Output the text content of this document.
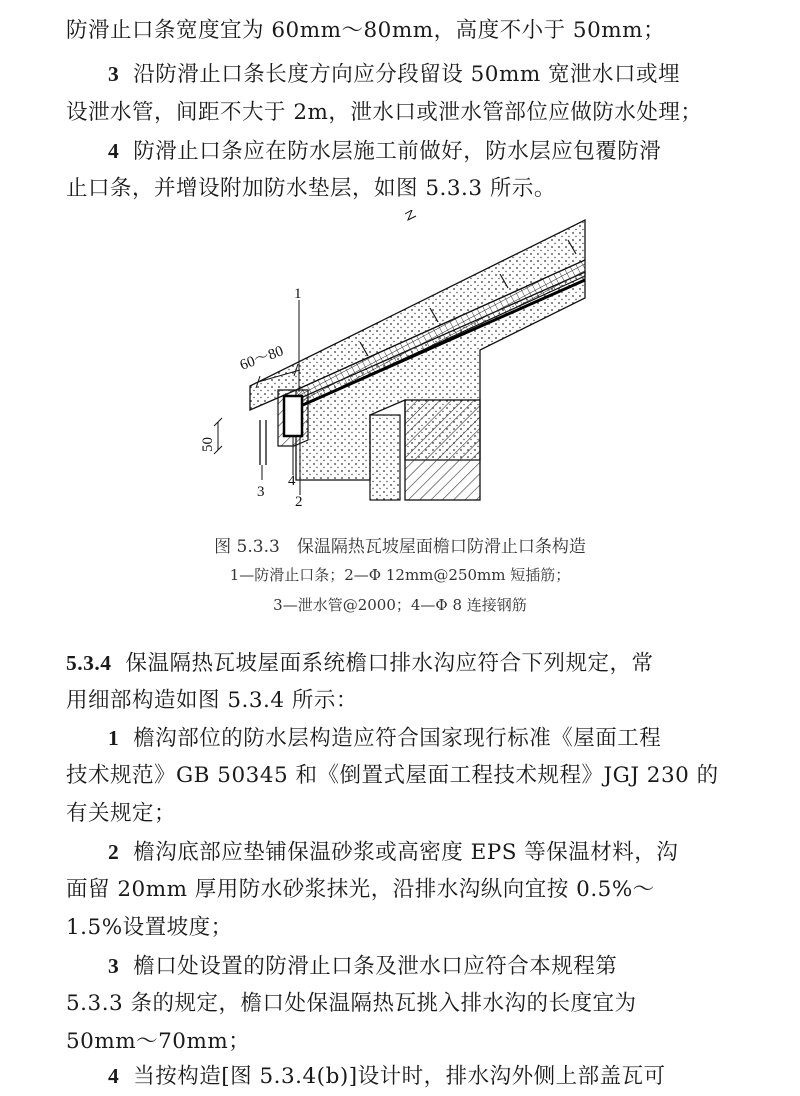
防滑止口条宽度宜为 60mm～80mm，高度不小于 50mm；
3 沿防滑止口条长度方向应分段留设 50mm 宽泄水口或埋
设泄水管，间距不大于 2m，泄水口或泄水管部位应做防水处理；
4 防滑止口条应在防水层施工前做好，防水层应包覆防滑
止口条，并增设附加防水垫层，如图 5.3.3 所示。
1
2
3
4
60～80
50
图 5.3.3　保温隔热瓦坡屋面檐口防滑止口条构造
1—防滑止口条；2—Φ 12mm@250mm 短插筋；
3—泄水管@2000；4—Φ 8 连接钢筋
5.3.4 保温隔热瓦坡屋面系统檐口排水沟应符合下列规定，常
用细部构造如图 5.3.4 所示：
1 檐沟部位的防水层构造应符合国家现行标准《屋面工程
技术规范》GB 50345 和《倒置式屋面工程技术规程》JGJ 230 的
有关规定；
2 檐沟底部应垫铺保温砂浆或高密度 EPS 等保温材料，沟
面留 20mm 厚用防水砂浆抹光，沿排水沟纵向宜按 0.5%～
1.5%设置坡度；
3 檐口处设置的防滑止口条及泄水口应符合本规程第
5.3.3 条的规定，檐口处保温隔热瓦挑入排水沟的长度宜为
50mm～70mm；
4 当按构造[图 5.3.4(b)]设计时，排水沟外侧上部盖瓦可
